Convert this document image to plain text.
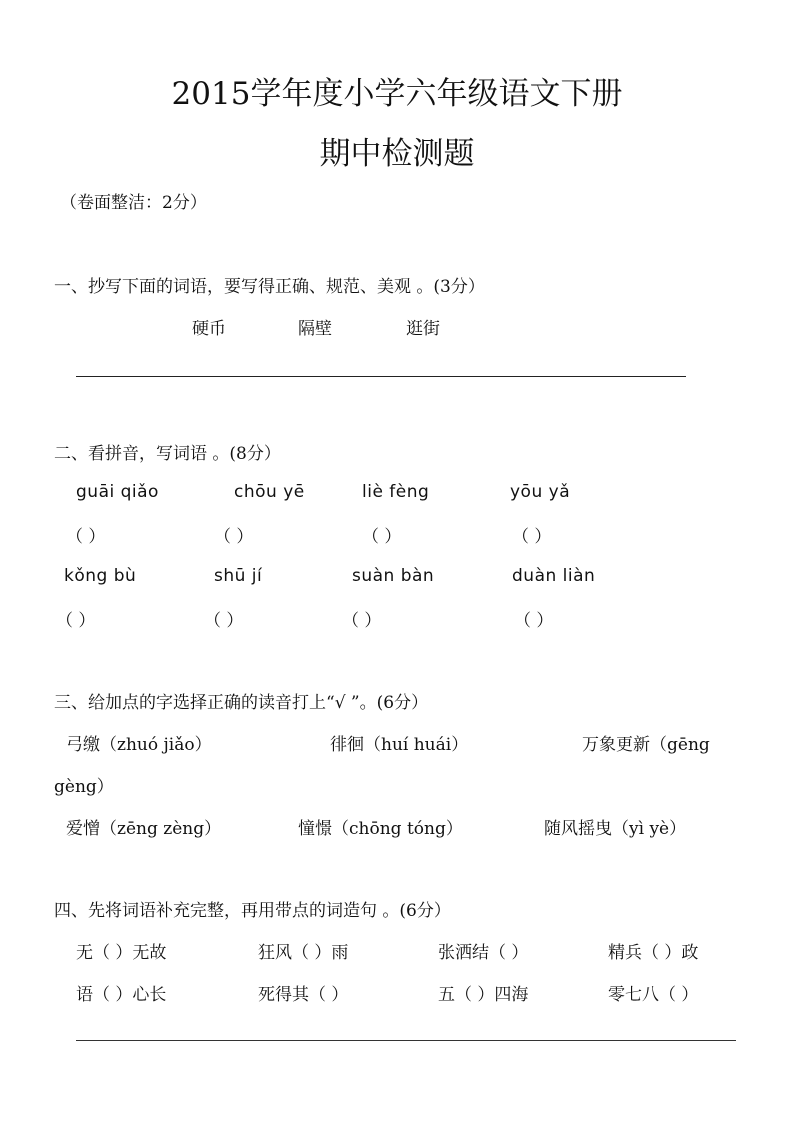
2015学年度小学六年级语文下册
期中检测题
（卷面整洁：2分）
一、抄写下面的词语，要写得正确、规范、美观 。(3分）
硬币	隔壁	逛街
二、看拼音，写词语 。(8分）
guāi qiǎo	chōu yē	liè fèng	yōu yǎ
（ ）	（ ）	（ ）	（ ）
kǒng bù	shū jí	suàn bàn	duàn liàn
（ ）	（ ）	（ ）	（ ）
三、给加点的字选择正确的读音打上“√ ”。(6分）
弓缴（zhuó jiǎo）	徘徊（huí huái）	万象更新（gēng
gèng）
爱憎（zēng zèng）	憧憬（chōng tóng）	随风摇曳（yì yè）
四、先将词语补充完整，再用带点的词造句 。(6分）
无（ ）无故	狂风（ ）雨	张洒结（ ）	精兵（ ）政
语（ ）心长	死得其（ ）	五（ ）四海	零七八（ ）
